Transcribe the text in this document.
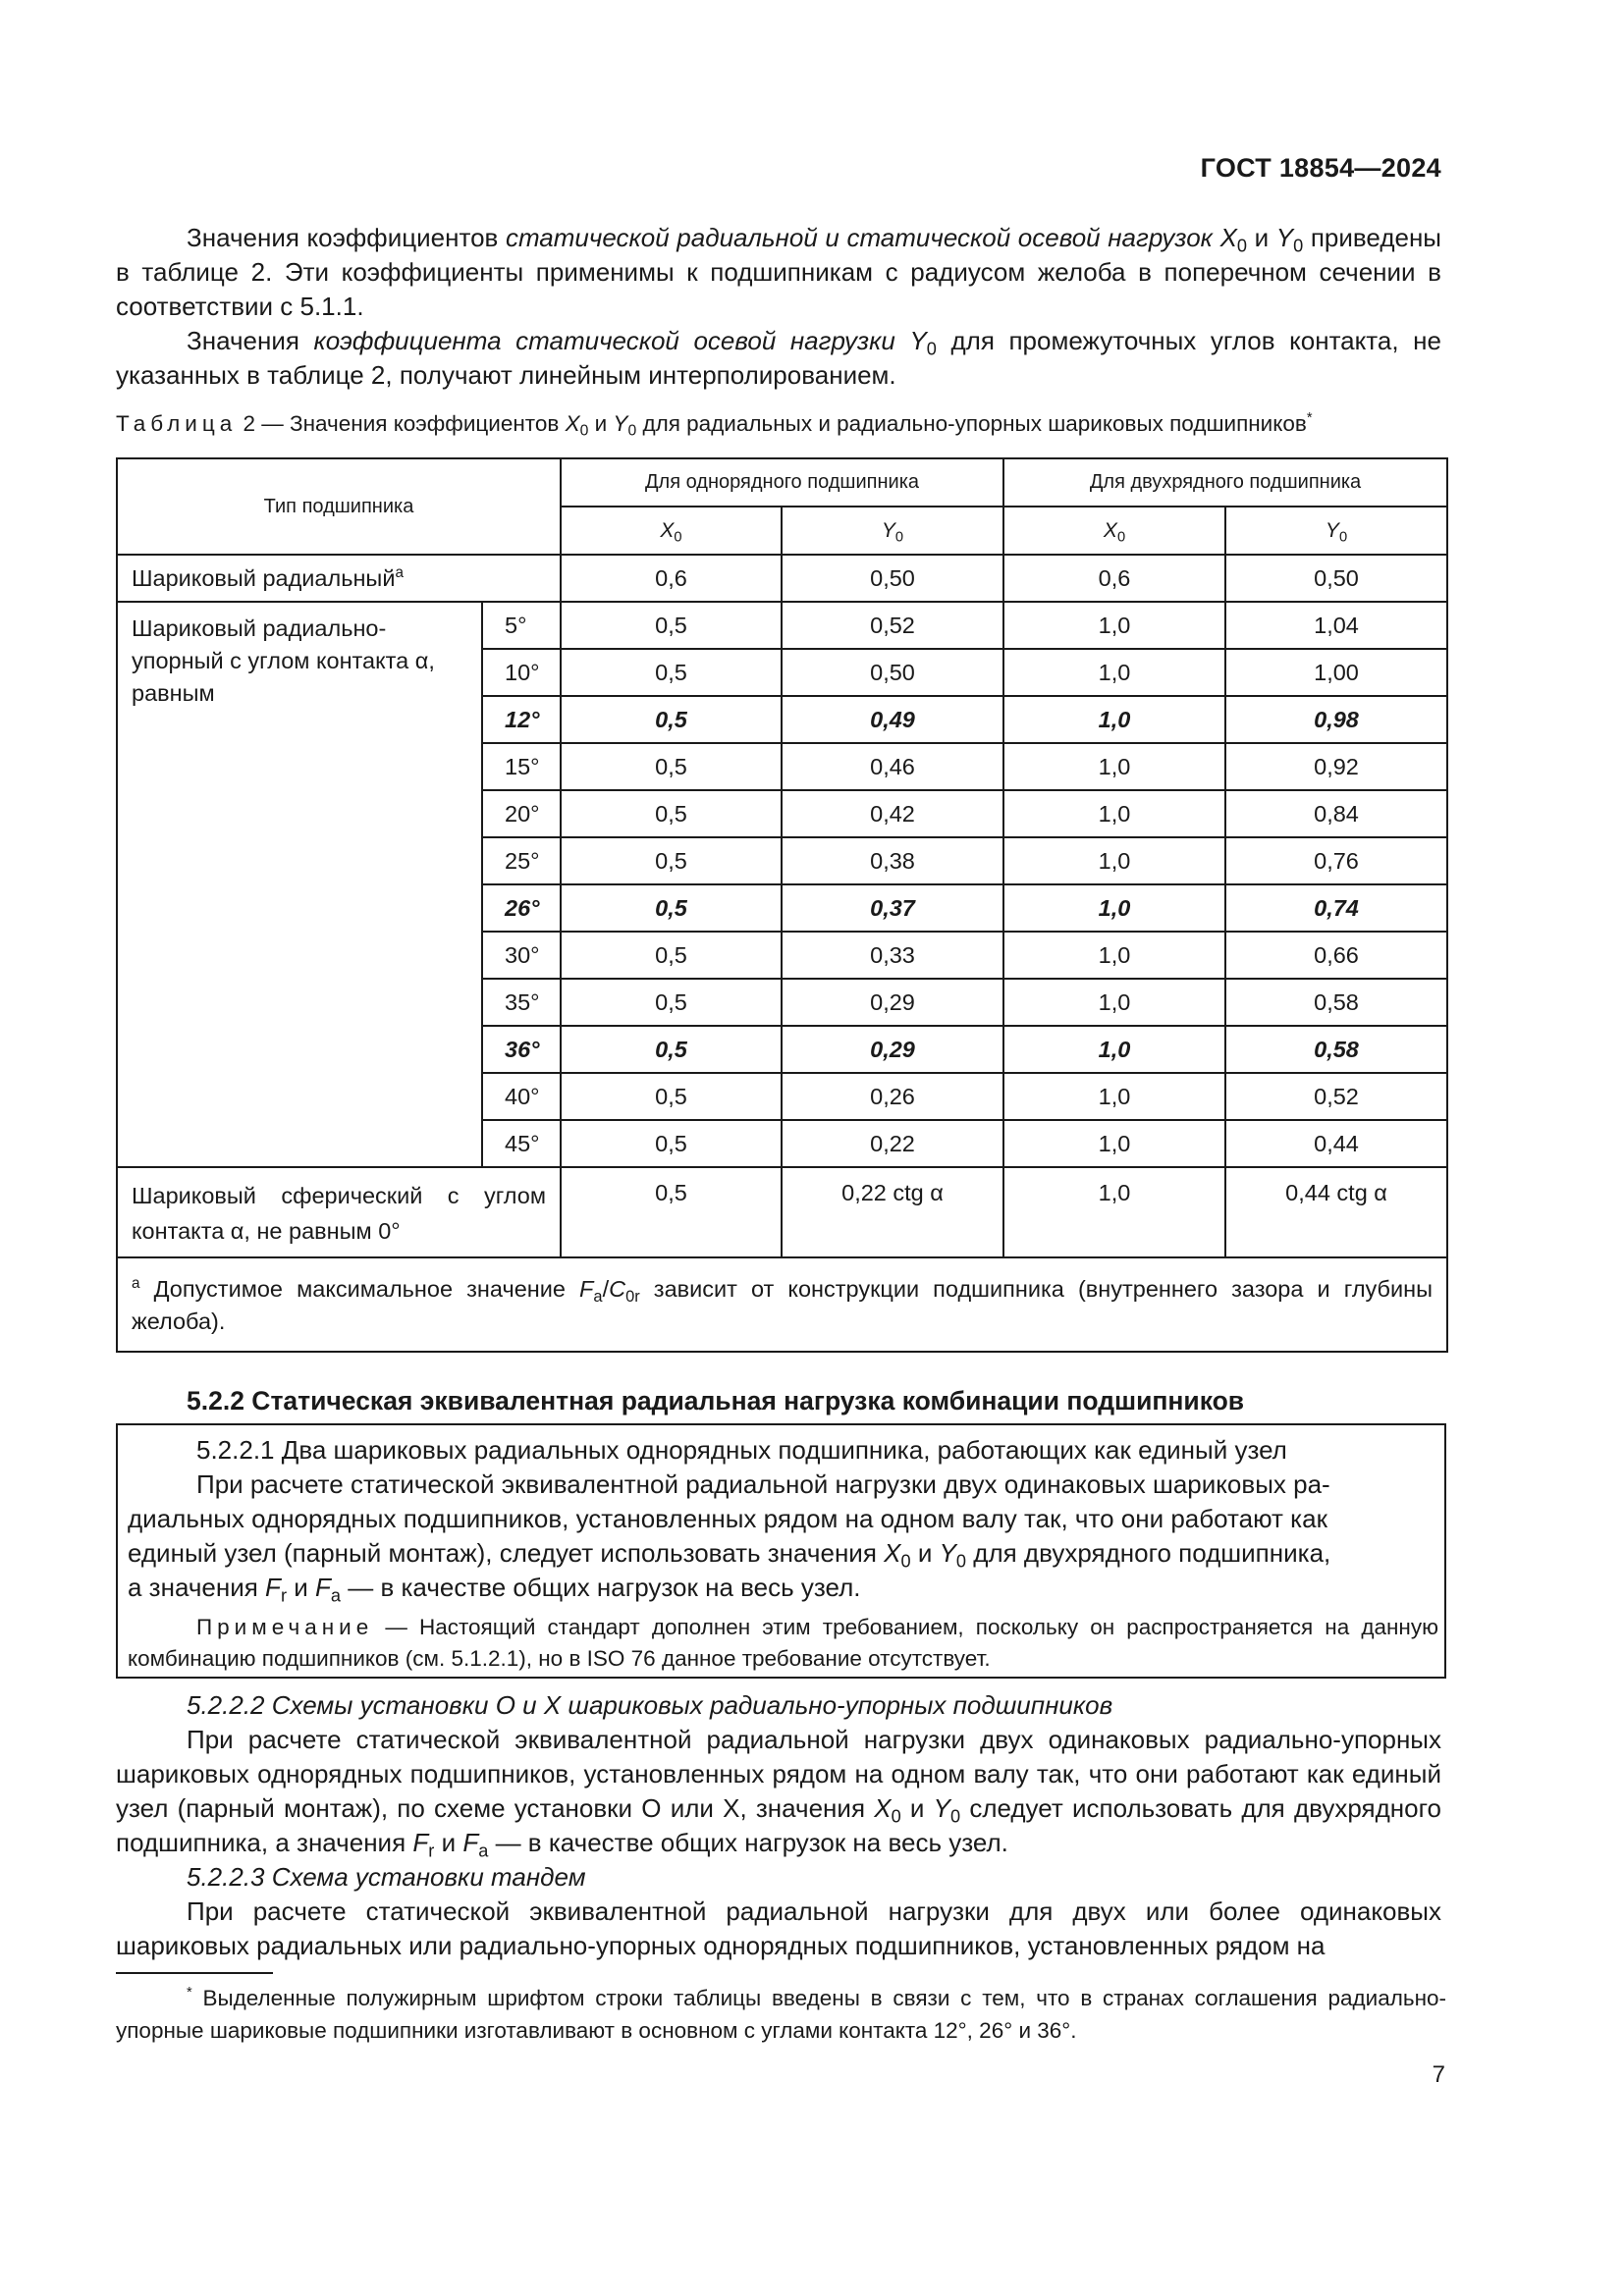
ГОСТ 18854—2024
Значения коэффициентов статической радиальной и статической осевой нагрузок $X_0$ и $Y_0$ приведены в таблице 2. Эти коэффициенты применимы к подшипникам с радиусом желоба в поперечном сечении в соответствии с 5.1.1.
Значения коэффициента статической осевой нагрузки $Y_0$ для промежуточных углов контакта, не указанных в таблице 2, получают линейным интерполированием.
Таблица 2 — Значения коэффициентов $X_0$ и $Y_0$ для радиальных и радиально-упорных шариковых подшипников*
Тип подшипника		Для однорядного подшипника		Для двухрядного подшипника	
		$X_0$	$Y_0$	$X_0$	$Y_0$
Шариковый радиальный$^a$		0,6	0,50	0,6	0,50
Шариковый радиально-упорный с углом контакта α, равным	5°	0,5	0,52	1,0	1,04
	10°	0,5	0,50	1,0	1,00
	12°	0,5	0,49	1,0	0,98
	15°	0,5	0,46	1,0	0,92
	20°	0,5	0,42	1,0	0,84
	25°	0,5	0,38	1,0	0,76
	26°	0,5	0,37	1,0	0,74
	30°	0,5	0,33	1,0	0,66
	35°	0,5	0,29	1,0	0,58
	36°	0,5	0,29	1,0	0,58
	40°	0,5	0,26	1,0	0,52
	45°	0,5	0,22	1,0	0,44
Шариковый сферический с углом контакта α, не равным 0°		0,5	0,22 ctg α	1,0	0,44 ctg α
$^a$ Допустимое максимальное значение $F_a/C_{0r}$ зависит от конструкции подшипника (внутреннего зазора и глубины желоба).					
5.2.2 Статическая эквивалентная радиальная нагрузка комбинации подшипников
5.2.2.1 Два шариковых радиальных однорядных подшипника, работающих как единый узел
При расчете статической эквивалентной радиальной нагрузки двух одинаковых шариковых ра-
диальных однорядных подшипников, установленных рядом на одном валу так, что они работают как
единый узел (парный монтаж), следует использовать значения $X_0$ и $Y_0$ для двухрядного подшипника,
а значения $F_r$ и $F_a$ — в качестве общих нагрузок на весь узел.
Примечание — Настоящий стандарт дополнен этим требованием, поскольку он распространяется на данную комбинацию подшипников (см. 5.1.2.1), но в ISO 76 данное требование отсутствует.
5.2.2.2 Схемы установки О и Х шариковых радиально-упорных подшипников
При расчете статической эквивалентной радиальной нагрузки двух одинаковых радиально-упорных шариковых однорядных подшипников, установленных рядом на одном валу так, что они работают как единый узел (парный монтаж), по схеме установки О или Х, значения $X_0$ и $Y_0$ следует использовать для двухрядного подшипника, а значения $F_r$ и $F_a$ — в качестве общих нагрузок на весь узел.
5.2.2.3 Схема установки тандем
При расчете статической эквивалентной радиальной нагрузки для двух или более одинаковых шариковых радиальных или радиально-упорных однорядных подшипников, установленных рядом на
* Выделенные полужирным шрифтом строки таблицы введены в связи с тем, что в странах соглашения радиально-упорные шариковые подшипники изготавливают в основном с углами контакта 12°, 26° и 36°.
7
